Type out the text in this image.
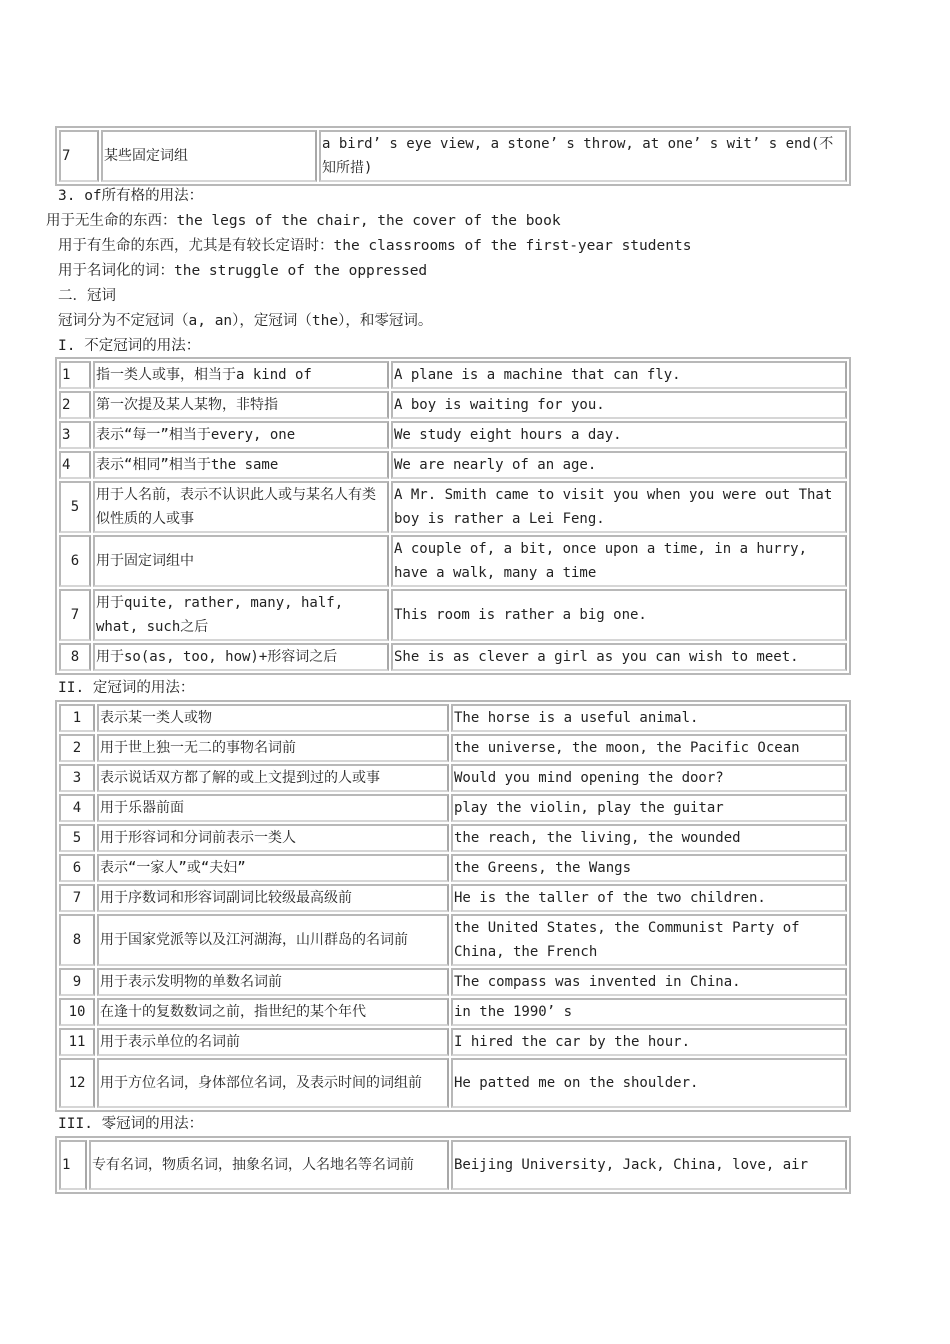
7	某些固定词组	a bird’ s eye view, a stone’ s throw, at one’ s wit’ s end(不知所措)
3. of所有格的用法：
用于无生命的东西：the legs of the chair, the cover of the book
用于有生命的东西，尤其是有较长定语时：the classrooms of the first-year students
用于名词化的词：the struggle of the oppressed
二．冠词
冠词分为不定冠词（a, an），定冠词（the），和零冠词。
I. 不定冠词的用法：
1	指一类人或事，相当于a kind of	A plane is a machine that can fly.
2	第一次提及某人某物，非特指	A boy is waiting for you.
3	表示“每一”相当于every, one	We study eight hours a day.
4	表示“相同”相当于the same	We are nearly of an age.
5	用于人名前，表示不认识此人或与某名人有类似性质的人或事	A Mr. Smith came to visit you when you were out That boy is rather a Lei Feng.
6	用于固定词组中	A couple of, a bit, once upon a time, in a hurry, have a walk, many a time
7	用于quite, rather, many, half, what, such之后	This room is rather a big one.
8	用于so(as, too, how)+形容词之后	She is as clever a girl as you can wish to meet.
II. 定冠词的用法：
1	表示某一类人或物	The horse is a useful animal.
2	用于世上独一无二的事物名词前	the universe, the moon, the Pacific Ocean
3	表示说话双方都了解的或上文提到过的人或事	Would you mind opening the door?
4	用于乐器前面	play the violin, play the guitar
5	用于形容词和分词前表示一类人	the reach, the living, the wounded
6	表示“一家人”或“夫妇”	the Greens, the Wangs
7	用于序数词和形容词副词比较级最高级前	He is the taller of the two children.
8	用于国家党派等以及江河湖海，山川群岛的名词前	the United States, the Communist Party of China, the French
9	用于表示发明物的单数名词前	The compass was invented in China.
10	在逢十的复数数词之前，指世纪的某个年代	in the 1990’ s
11	用于表示单位的名词前	I hired the car by the hour.
12	用于方位名词，身体部位名词，及表示时间的词组前	He patted me on the shoulder.
III. 零冠词的用法：
1	专有名词，物质名词，抽象名词，人名地名等名词前	Beijing University, Jack, China, love, air
